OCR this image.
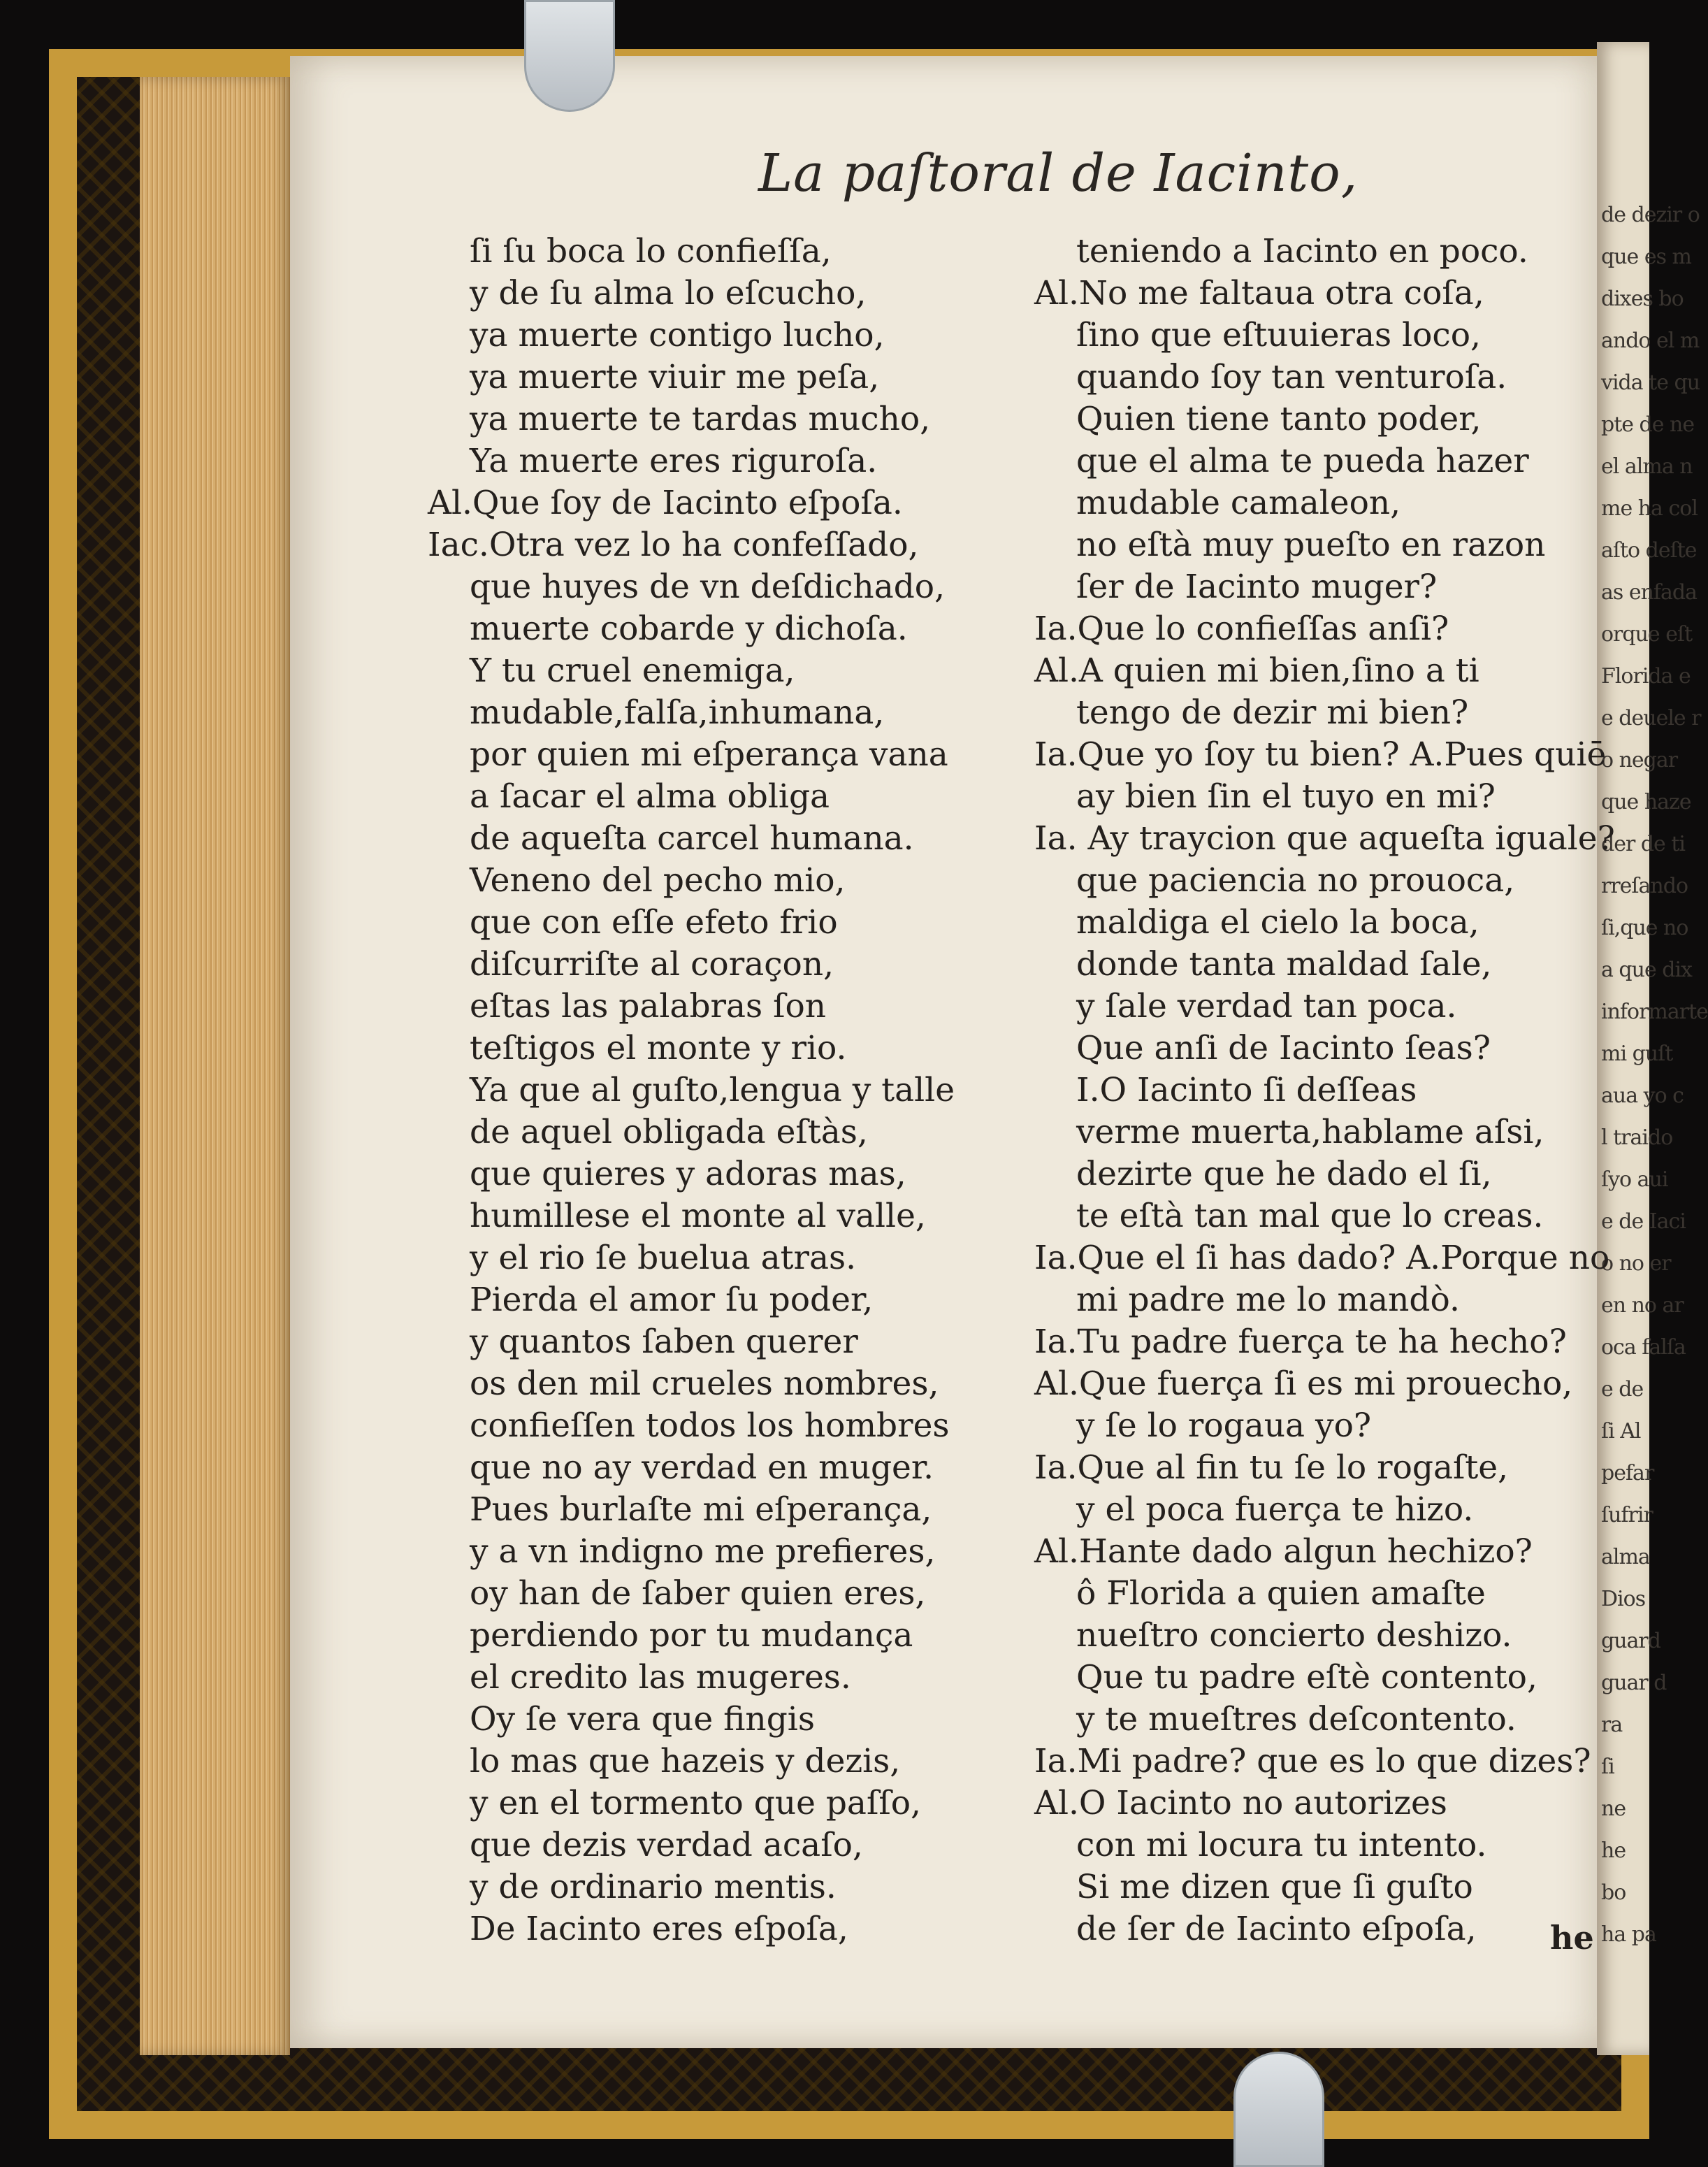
de dezir o
que es m
dixes bo
ando el m
vida te qu
pte de ne
el alma n
me ha col
aſto deſte
as enfada
orque eſt
Florida e
e deuele r
o negar
que haze
der de ti
rreſando
ſi,que no
a que dix
informarte
mi guſt
aua yo c
l traido
ſyo aui
e de Iaci
o no er
en no ar
oca falſa
e de
ſi Al
pefar
ſufrir
alma
Dios
guard
guar d
ra
ſi
ne
he
bo
ha pa
La paſtoral de Iacinto,
ſi ſu boca lo confieſſa,
y de ſu alma lo eſcucho,
ya muerte contigo lucho,
ya muerte viuir me peſa,
ya muerte te tardas mucho,
Ya muerte eres riguroſa.
Al.Que ſoy de Iacinto eſpoſa.
Iac.Otra vez lo ha confeſſado,
que huyes de vn deſdichado,
muerte cobarde y dichoſa.
Y tu cruel enemiga,
mudable,falſa,inhumana,
por quien mi eſperança vana
a ſacar el alma obliga
de aqueſta carcel humana.
Veneno del pecho mio,
que con eſſe efeto frio
diſcurriſte al coraçon,
eſtas las palabras ſon
teſtigos el monte y rio.
Ya que al guſto,lengua y talle
de aquel obligada eſtàs,
que quieres y adoras mas,
humillese el monte al valle,
y el rio ſe buelua atras.
Pierda el amor ſu poder,
y quantos ſaben querer
os den mil crueles nombres,
confieſſen todos los hombres
que no ay verdad en muger.
Pues burlaſte mi eſperança,
y a vn indigno me prefieres,
oy han de ſaber quien eres,
perdiendo por tu mudança
el credito las mugeres.
Oy ſe vera que fingis
lo mas que hazeis y dezis,
y en el tormento que paſſo,
que dezis verdad acaſo,
y de ordinario mentis.
De Iacinto eres eſpoſa,
teniendo a Iacinto en poco.
Al.No me faltaua otra coſa,
ſino que eſtuuieras loco,
quando ſoy tan venturoſa.
Quien tiene tanto poder,
que el alma te pueda hazer
mudable camaleon,
no eſtà muy pueſto en razon
ſer de Iacinto muger?
Ia.Que lo confieſſas anſi?
Al.A quien mi bien,ſino a ti
tengo de dezir mi bien?
Ia.Que yo ſoy tu bien? A.Pues quiē
ay bien ſin el tuyo en mi?
Ia. Ay traycion que aqueſta iguale?
que paciencia no prouoca,
maldiga el cielo la boca,
donde tanta maldad ſale,
y ſale verdad tan poca.
Que anſi de Iacinto ſeas?
I.O Iacinto ſi deſſeas
verme muerta,hablame aſsi,
dezirte que he dado el ſi,
te eſtà tan mal que lo creas.
Ia.Que el ſi has dado? A.Porque no
mi padre me lo mandò.
Ia.Tu padre fuerça te ha hecho?
Al.Que fuerça ſi es mi prouecho,
y ſe lo rogaua yo?
Ia.Que al fin tu ſe lo rogaſte,
y el poca fuerça te hizo.
Al.Hante dado algun hechizo?
ô Florida a quien amaſte
nueſtro concierto deshizo.
Que tu padre eſtè contento,
y te mueſtres deſcontento.
Ia.Mi padre? que es lo que dizes?
Al.O Iacinto no autorizes
con mi locura tu intento.
Si me dizen que ſi guſto
de ſer de Iacinto eſpoſa, he
